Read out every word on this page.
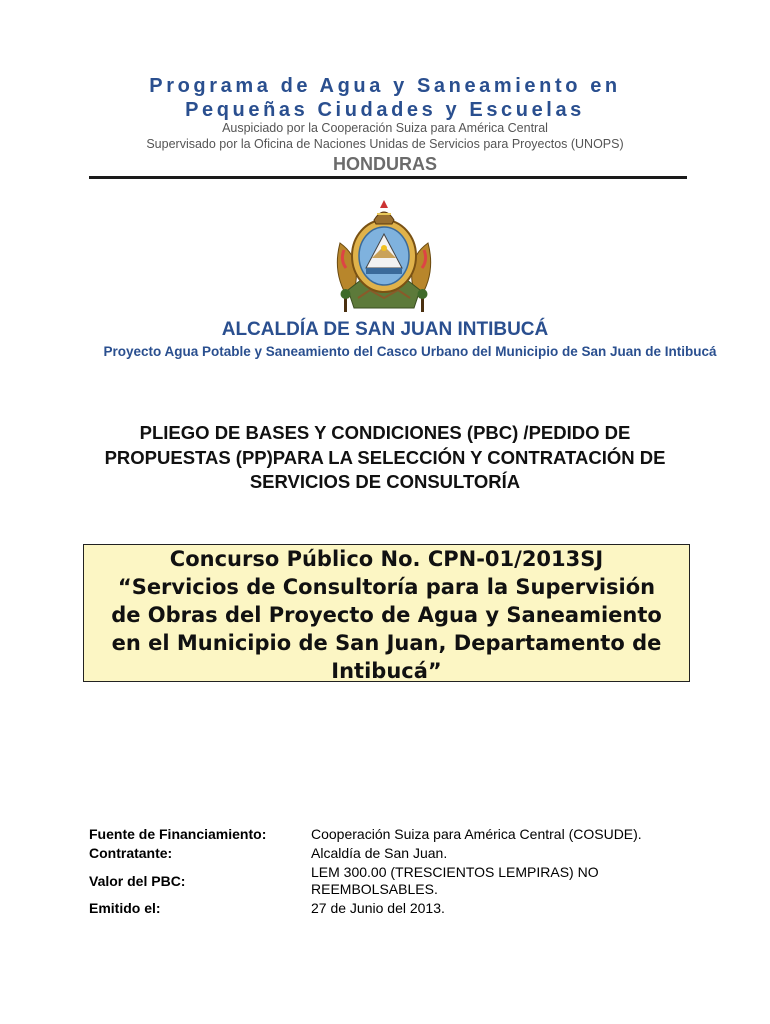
Programa de Agua y Saneamiento en Pequeñas Ciudades y Escuelas
Auspiciado por la Cooperación Suiza para América Central
Supervisado por la Oficina de Naciones Unidas de Servicios para Proyectos (UNOPS)
HONDURAS
ALCALDÍA DE SAN JUAN INTIBUCÁ
Proyecto Agua Potable y Saneamiento del Casco Urbano del Municipio de San Juan de Intibucá
PLIEGO DE BASES Y CONDICIONES (PBC) /PEDIDO DE PROPUESTAS (PP)PARA LA SELECCIÓN Y CONTRATACIÓN DE SERVICIOS DE CONSULTORÍA
Concurso Público No. CPN-01/2013SJ
“Servicios de Consultoría para la Supervisión
de Obras del Proyecto de Agua y Saneamiento
en el Municipio de San Juan, Departamento de
Intibucá”
Fuente de Financiamiento:	Cooperación Suiza para América Central (COSUDE).
Contratante:	Alcaldía de San Juan.
Valor del PBC:
LEM 300.00 (TRESCIENTOS LEMPIRAS) NO
REEMBOLSABLES.
Emitido el:	27 de Junio del 2013.
